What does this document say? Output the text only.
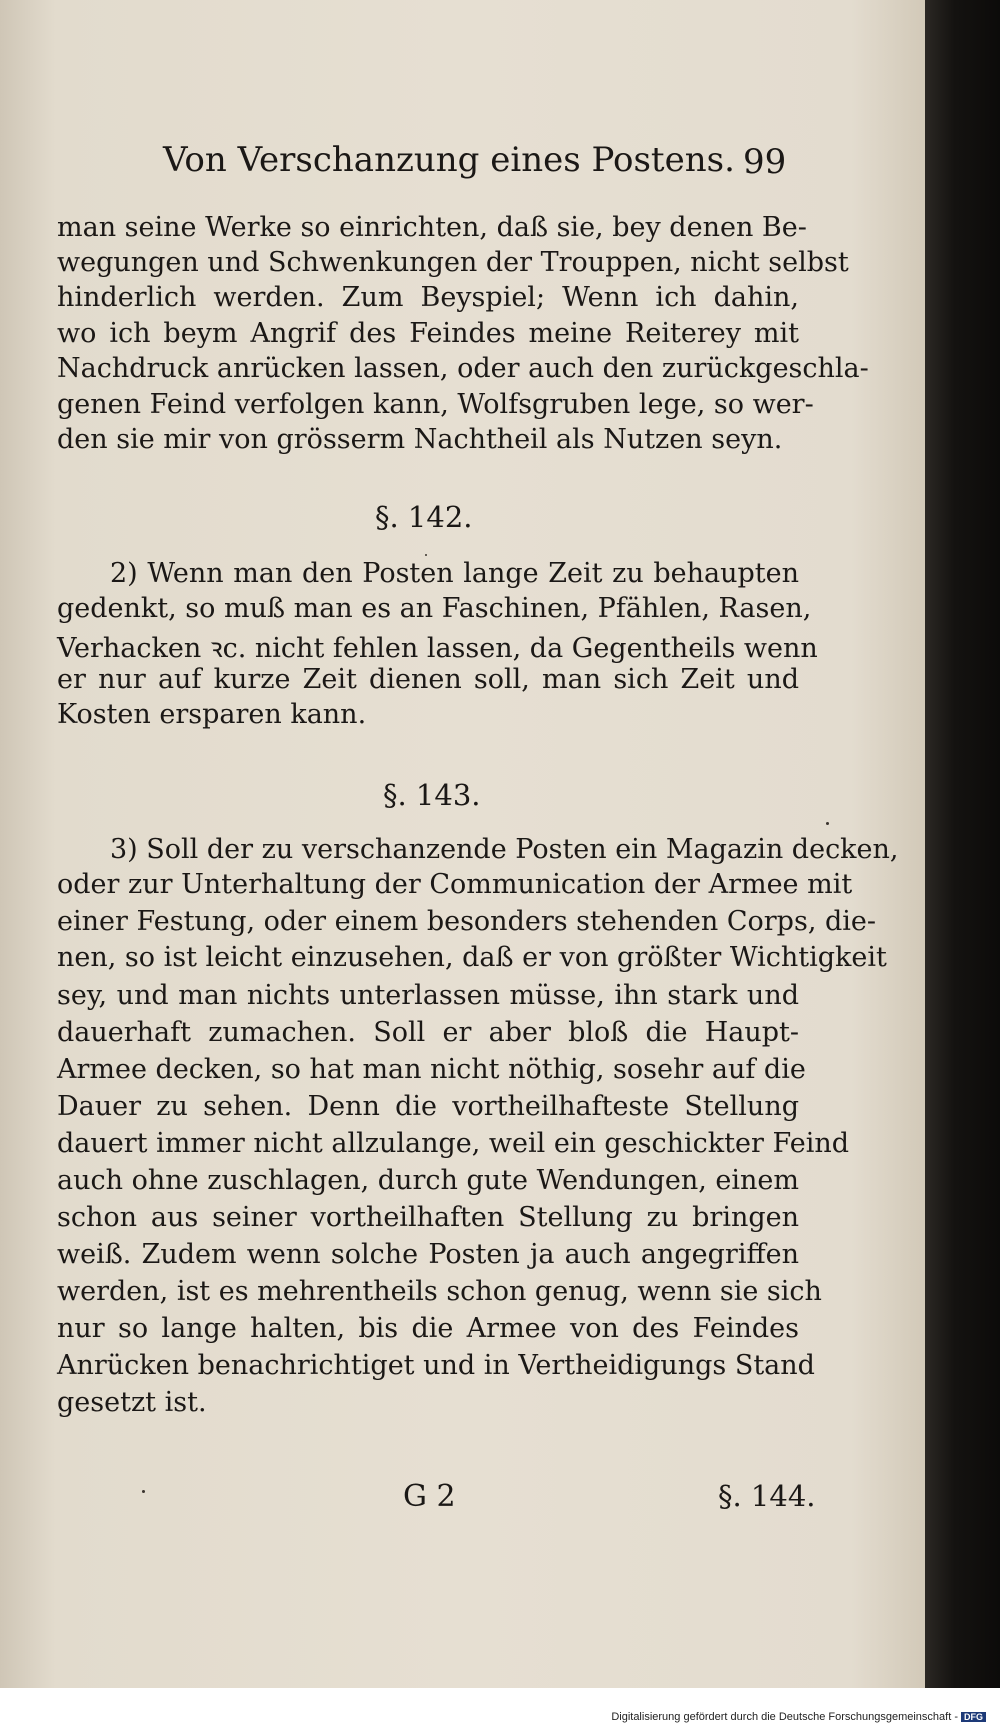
Von Verschanzung eines Postens. 99
man seine Werke so einrichten, daß sie, bey denen Be-
wegungen und Schwenkungen der Trouppen, nicht selbst
hinderlich werden. Zum Beyspiel; Wenn ich dahin,
wo ich beym Angrif des Feindes meine Reiterey mit
Nachdruck anrücken lassen, oder auch den zurückgeschla-
genen Feind verfolgen kann, Wolfsgruben lege, so wer-
den sie mir von grösserm Nachtheil als Nutzen seyn.
§. 142.
2) Wenn man den Posten lange Zeit zu behaupten
gedenkt, so muß man es an Faschinen, Pfählen, Rasen,
Verhacken ꝛc. nicht fehlen lassen, da Gegentheils wenn
er nur auf kurze Zeit dienen soll, man sich Zeit und
Kosten ersparen kann.
§. 143.
3) Soll der zu verschanzende Posten ein Magazin decken,
oder zur Unterhaltung der Communication der Armee mit
einer Festung, oder einem besonders stehenden Corps, die-
nen, so ist leicht einzusehen, daß er von größter Wichtigkeit
sey, und man nichts unterlassen müsse, ihn stark und
dauerhaft zumachen. Soll er aber bloß die Haupt-
Armee decken, so hat man nicht nöthig, sosehr auf die
Dauer zu sehen. Denn die vortheilhafteste Stellung
dauert immer nicht allzulange, weil ein geschickter Feind
auch ohne zuschlagen, durch gute Wendungen, einem
schon aus seiner vortheilhaften Stellung zu bringen
weiß. Zudem wenn solche Posten ja auch angegriffen
werden, ist es mehrentheils schon genug, wenn sie sich
nur so lange halten, bis die Armee von des Feindes
Anrücken benachrichtiget und in Vertheidigungs Stand
gesetzt ist.
G 2	§. 144.
Digitalisierung gefördert durch die Deutsche Forschungsgemeinschaft - DFG
